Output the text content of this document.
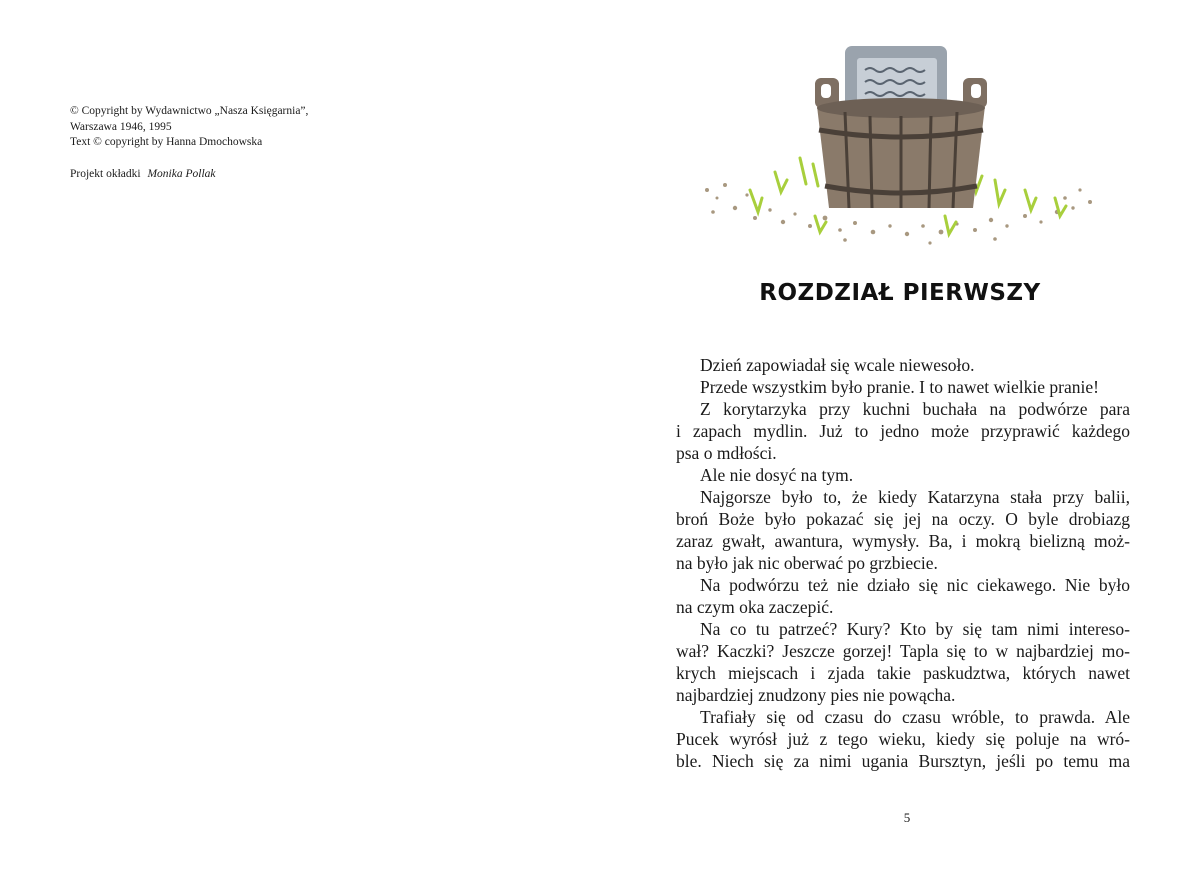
© Copyright by Wydawnictwo „Nasza Księgarnia”,
Warszawa 1946, 1995
Text © copyright by Hanna Dmochowska
Projekt okładki Monika Pollak
ROZDZIAŁ PIERWSZY
Dzień zapowiadał się wcale niewesoło.
Przede wszystkim było pranie. I to nawet wielkie pranie!
Z korytarzyka przy kuchni buchała na podwórze para
i zapach mydlin. Już to jedno może przyprawić każdego
psa o mdłości.
Ale nie dosyć na tym.
Najgorsze było to, że kiedy Katarzyna stała przy balii,
broń Boże było pokazać się jej na oczy. O byle drobiazg
zaraz gwałt, awantura, wymysły. Ba, i mokrą bielizną moż-
na było jak nic oberwać po grzbiecie.
Na podwórzu też nie działo się nic ciekawego. Nie było
na czym oka zaczepić.
Na co tu patrzeć? Kury? Kto by się tam nimi intereso-
wał? Kaczki? Jeszcze gorzej! Tapla się to w najbardziej mo-
krych miejscach i zjada takie paskudztwa, których nawet
najbardziej znudzony pies nie powącha.
Trafiały się od czasu do czasu wróble, to prawda. Ale
Pucek wyrósł już z tego wieku, kiedy się poluje na wró-
ble. Niech się za nimi ugania Bursztyn, jeśli po temu ma
5
